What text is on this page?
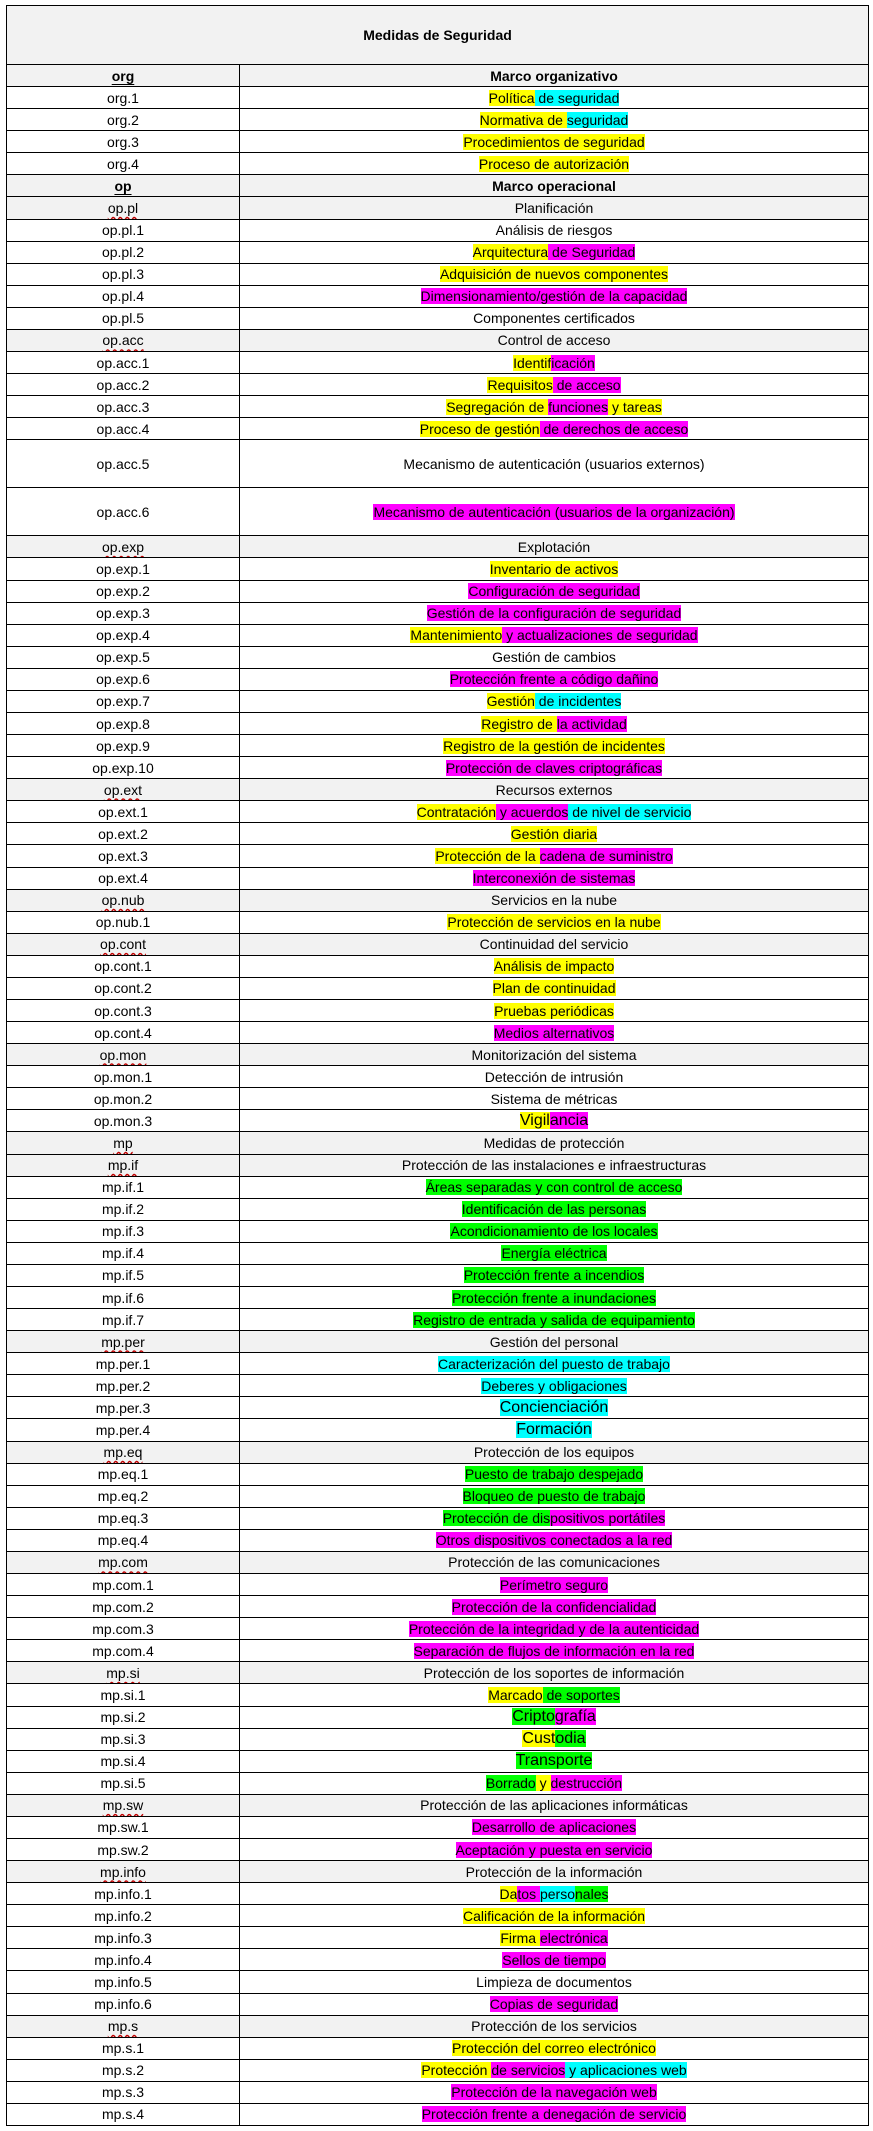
Medidas de Seguridad	
org	Marco organizativo
org.1	Política de seguridad
org.2	Normativa de seguridad
org.3	Procedimientos de seguridad
org.4	Proceso de autorización
op	Marco operacional
op.pl	Planificación
op.pl.1	Análisis de riesgos
op.pl.2	Arquitectura de Seguridad
op.pl.3	Adquisición de nuevos componentes
op.pl.4	Dimensionamiento/gestión de la capacidad
op.pl.5	Componentes certificados
op.acc	Control de acceso
op.acc.1	Identificación
op.acc.2	Requisitos de acceso
op.acc.3	Segregación de funciones y tareas
op.acc.4	Proceso de gestión de derechos de acceso
op.acc.5	Mecanismo de autenticación (usuarios externos)
op.acc.6	Mecanismo de autenticación (usuarios de la organización)
op.exp	Explotación
op.exp.1	Inventario de activos
op.exp.2	Configuración de seguridad
op.exp.3	Gestión de la configuración de seguridad
op.exp.4	Mantenimiento y actualizaciones de seguridad
op.exp.5	Gestión de cambios
op.exp.6	Protección frente a código dañino
op.exp.7	Gestión de incidentes
op.exp.8	Registro de la actividad
op.exp.9	Registro de la gestión de incidentes
op.exp.10	Protección de claves criptográficas
op.ext	Recursos externos
op.ext.1	Contratación y acuerdos de nivel de servicio
op.ext.2	Gestión diaria
op.ext.3	Protección de la cadena de suministro
op.ext.4	Interconexión de sistemas
op.nub	Servicios en la nube
op.nub.1	Protección de servicios en la nube
op.cont	Continuidad del servicio
op.cont.1	Análisis de impacto
op.cont.2	Plan de continuidad
op.cont.3	Pruebas periódicas
op.cont.4	Medios alternativos
op.mon	Monitorización del sistema
op.mon.1	Detección de intrusión
op.mon.2	Sistema de métricas
op.mon.3	Vigilancia
mp	Medidas de protección
mp.if	Protección de las instalaciones e infraestructuras
mp.if.1	Áreas separadas y con control de acceso
mp.if.2	Identificación de las personas
mp.if.3	Acondicionamiento de los locales
mp.if.4	Energía eléctrica
mp.if.5	Protección frente a incendios
mp.if.6	Protección frente a inundaciones
mp.if.7	Registro de entrada y salida de equipamiento
mp.per	Gestión del personal
mp.per.1	Caracterización del puesto de trabajo
mp.per.2	Deberes y obligaciones
mp.per.3	Concienciación
mp.per.4	Formación
mp.eq	Protección de los equipos
mp.eq.1	Puesto de trabajo despejado
mp.eq.2	Bloqueo de puesto de trabajo
mp.eq.3	Protección de dispositivos portátiles
mp.eq.4	Otros dispositivos conectados a la red
mp.com	Protección de las comunicaciones
mp.com.1	Perímetro seguro
mp.com.2	Protección de la confidencialidad
mp.com.3	Protección de la integridad y de la autenticidad
mp.com.4	Separación de flujos de información en la red
mp.si	Protección de los soportes de información
mp.si.1	Marcado de soportes
mp.si.2	Criptografía
mp.si.3	Custodia
mp.si.4	Transporte
mp.si.5	Borrado y destrucción
mp.sw	Protección de las aplicaciones informáticas
mp.sw.1	Desarrollo de aplicaciones
mp.sw.2	Aceptación y puesta en servicio
mp.info	Protección de la información
mp.info.1	Datos personales
mp.info.2	Calificación de la información
mp.info.3	Firma electrónica
mp.info.4	Sellos de tiempo
mp.info.5	Limpieza de documentos
mp.info.6	Copias de seguridad
mp.s	Protección de los servicios
mp.s.1	Protección del correo electrónico
mp.s.2	Protección de servicios y aplicaciones web
mp.s.3	Protección de la navegación web
mp.s.4	Protección frente a denegación de servicio
